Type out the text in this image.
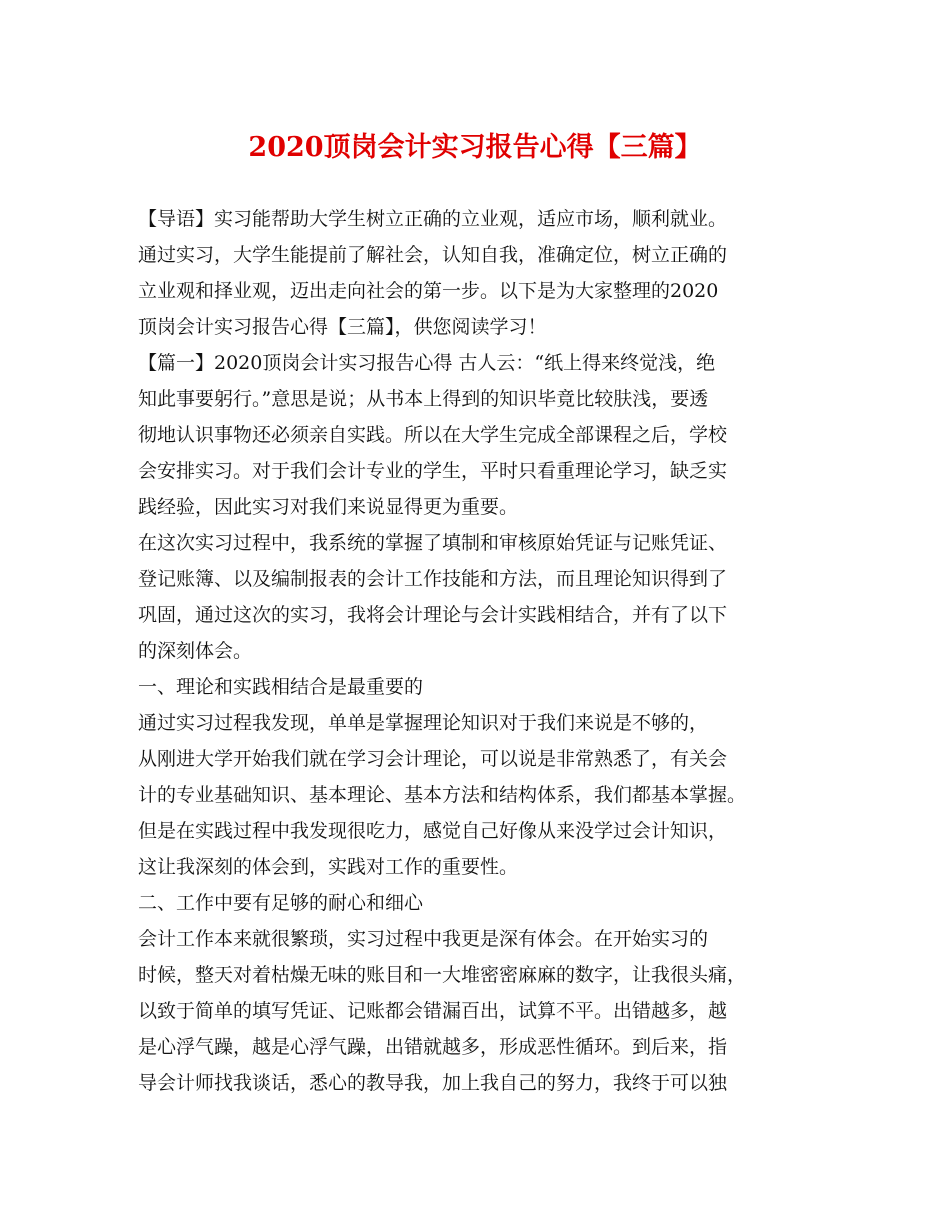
2020顶岗会计实习报告心得【三篇】

【导语】实习能帮助大学生树立正确的立业观，适应市场，顺利就业。

通过实习，大学生能提前了解社会，认知自我，准确定位，树立正确的

立业观和择业观，迈出走向社会的第一步。以下是为大家整理的2020

顶岗会计实习报告心得【三篇】，供您阅读学习！

【篇一】2020顶岗会计实习报告心得 古人云：“纸上得来终觉浅，绝

知此事要躬行。”意思是说；从书本上得到的知识毕竟比较肤浅，要透

彻地认识事物还必须亲自实践。所以在大学生完成全部课程之后，学校

会安排实习。对于我们会计专业的学生，平时只看重理论学习，缺乏实

践经验，因此实习对我们来说显得更为重要。

在这次实习过程中，我系统的掌握了填制和审核原始凭证与记账凭证、

登记账簿、以及编制报表的会计工作技能和方法，而且理论知识得到了

巩固，通过这次的实习，我将会计理论与会计实践相结合，并有了以下

的深刻体会。

一、理论和实践相结合是最重要的

通过实习过程我发现，单单是掌握理论知识对于我们来说是不够的，

从刚进大学开始我们就在学习会计理论，可以说是非常熟悉了，有关会

计的专业基础知识、基本理论、基本方法和结构体系，我们都基本掌握。

但是在实践过程中我发现很吃力，感觉自己好像从来没学过会计知识，

这让我深刻的体会到，实践对工作的重要性。

二、工作中要有足够的耐心和细心

会计工作本来就很繁琐，实习过程中我更是深有体会。在开始实习的

时候，整天对着枯燥无味的账目和一大堆密密麻麻的数字，让我很头痛，

以致于简单的填写凭证、记账都会错漏百出，试算不平。出错越多，越

是心浮气躁，越是心浮气躁，出错就越多，形成恶性循环。到后来，指

导会计师找我谈话，悉心的教导我，加上我自己的努力，我终于可以独
